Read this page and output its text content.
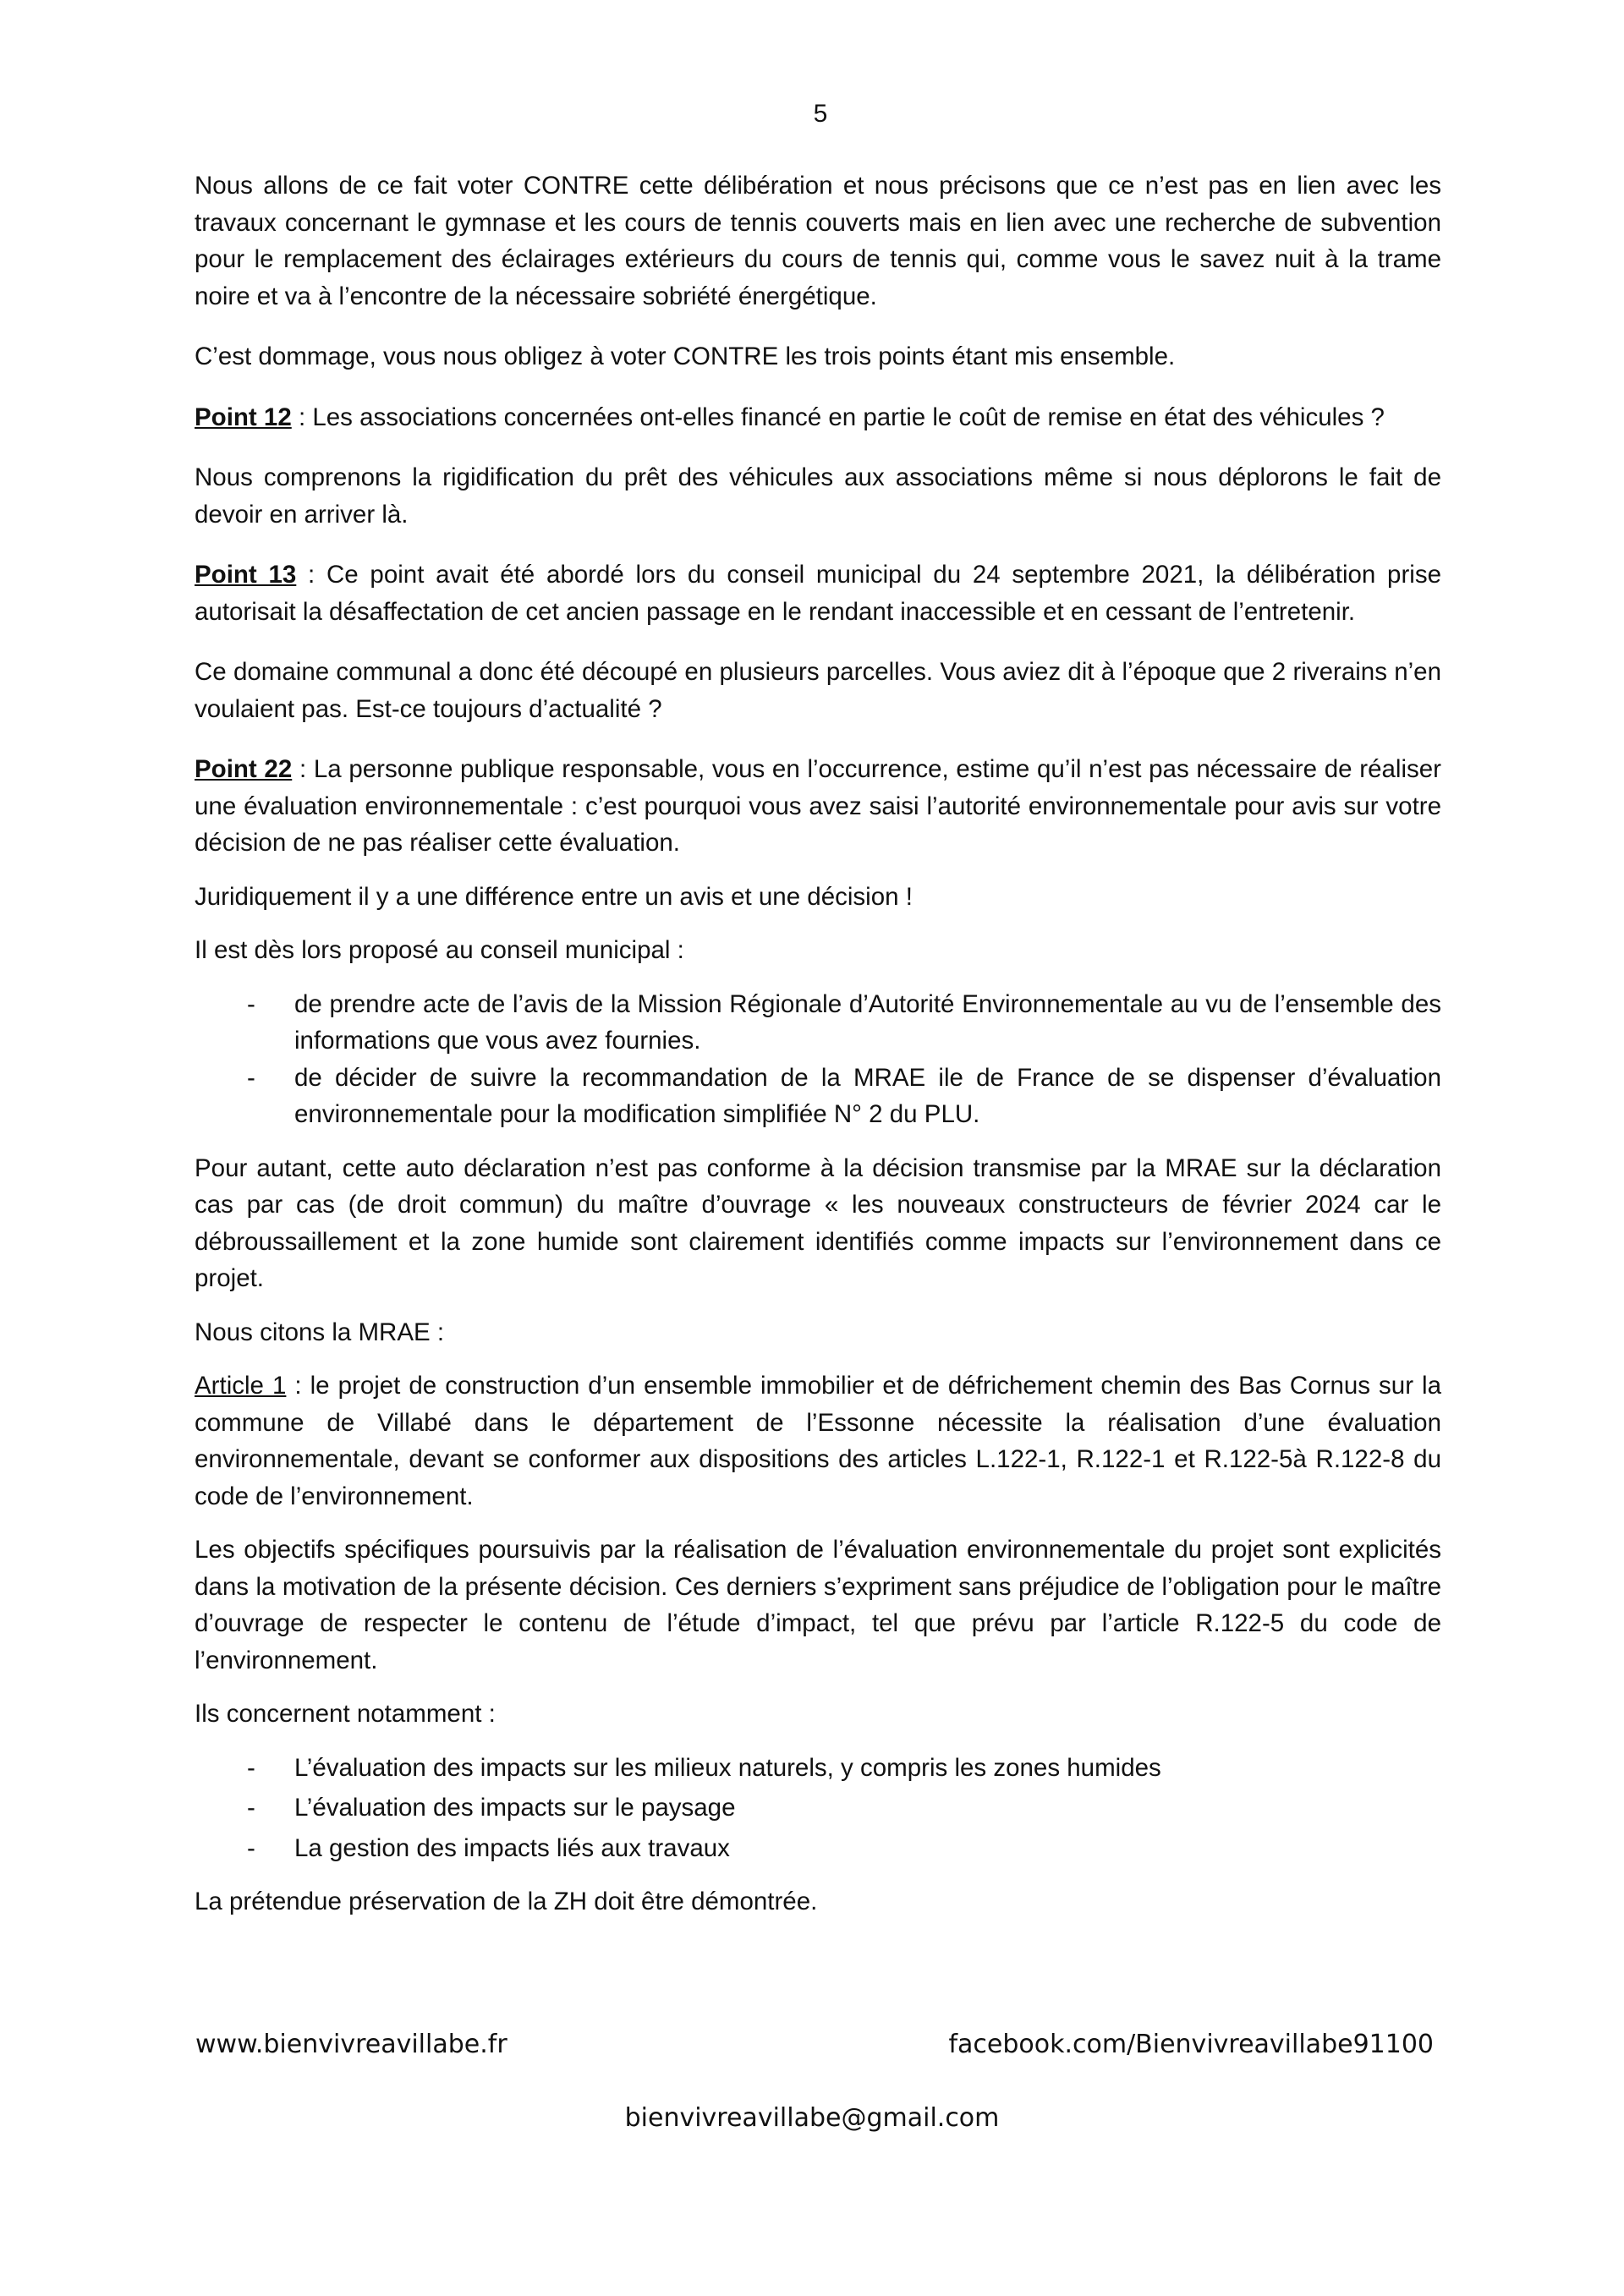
5

Nous allons de ce fait voter CONTRE cette délibération et nous précisons que ce n’est pas en lien avec les travaux concernant le gymnase et les cours de tennis couverts mais en lien avec une recherche de subvention pour le remplacement des éclairages extérieurs du cours de tennis qui, comme vous le savez nuit à la trame noire et va à l’encontre de la nécessaire sobriété énergétique.

C’est dommage, vous nous obligez à voter CONTRE les trois points étant mis ensemble.

Point 12 : Les associations concernées ont-elles financé en partie le coût de remise en état des véhicules ?

Nous comprenons la rigidification du prêt des véhicules aux associations même si nous déplorons le fait de devoir en arriver là.

Point 13 : Ce point avait été abordé lors du conseil municipal du 24 septembre 2021, la délibération prise autorisait la désaffectation de cet ancien passage en le rendant inaccessible et en cessant de l’entretenir.

Ce domaine communal a donc été découpé en plusieurs parcelles. Vous aviez dit à l’époque que 2 riverains n’en voulaient pas. Est-ce toujours d’actualité ?

Point 22 : La personne publique responsable, vous en l’occurrence, estime qu’il n’est pas nécessaire de réaliser une évaluation environnementale : c’est pourquoi vous avez saisi l’autorité environnementale pour avis sur votre décision de ne pas réaliser cette évaluation.

Juridiquement il y a une différence entre un avis et une décision !

Il est dès lors proposé au conseil municipal :

- de prendre acte de l’avis de la Mission Régionale d’Autorité Environnementale au vu de l’ensemble des informations que vous avez fournies.
- de décider de suivre la recommandation de la MRAE ile de France de se dispenser d’évaluation environnementale pour la modification simplifiée N° 2 du PLU.

Pour autant, cette auto déclaration n’est pas conforme à la décision transmise par la MRAE sur la déclaration cas par cas (de droit commun) du maître d’ouvrage « les nouveaux constructeurs de février 2024 car le débroussaillement et la zone humide sont clairement identifiés comme impacts sur l’environnement dans ce projet.

Nous citons la MRAE :

Article 1 : le projet de construction d’un ensemble immobilier et de défrichement chemin des Bas Cornus sur la commune de Villabé dans le département de l’Essonne nécessite la réalisation d’une évaluation environnementale, devant se conformer aux dispositions des articles L.122-1, R.122-1 et R.122-5à R.122-8 du code de l’environnement.

Les objectifs spécifiques poursuivis par la réalisation de l’évaluation environnementale du projet sont explicités dans la motivation de la présente décision. Ces derniers s’expriment sans préjudice de l’obligation pour le maître d’ouvrage de respecter le contenu de l’étude d’impact, tel que prévu par l’article R.122-5 du code de l’environnement.

Ils concernent notamment :

- L’évaluation des impacts sur les milieux naturels, y compris les zones humides
- L’évaluation des impacts sur le paysage
- La gestion des impacts liés aux travaux

La prétendue préservation de la ZH doit être démontrée.

www.bienvivreavillabe.fr	facebook.com/Bienvivreavillabe91100
bienvivreavillabe@gmail.com
